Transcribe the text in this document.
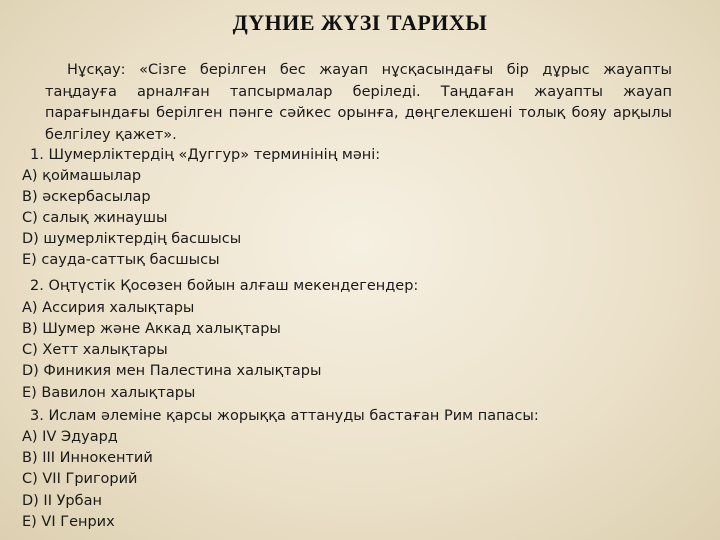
ДҮНИЕ ЖҮЗІ ТАРИХЫ
Нұсқау: «Сізге берілген бес жауап нұсқасындағы бір дұрыс жауапты таңдауға арналған тапсырмалар беріледі. Таңдаған жауапты жауап парағындағы берілген пәнге сәйкес орынға, дөңгелекшені толық бояу арқылы белгілеу қажет».
1. Шумерліктердің «Дуггур» терминінің мәні:
А) қоймашылар
В) әскербасылар
С) салық жинаушы
D) шумерліктердің басшысы
Е) сауда-саттық басшысы
2. Оңтүстік Қосөзен бойын алғаш мекендегендер:
А) Ассирия халықтары
В) Шумер және Аккад халықтары
С) Хетт халықтары
D) Финикия мен Палестина халықтары
Е) Вавилон халықтары
3. Ислам әлеміне қарсы жорыққа аттануды бастаған Рим папасы:
А) IV Эдуард
В) III Иннокентий
С) VII Григорий
D) II Урбан
Е) VI Генрих
